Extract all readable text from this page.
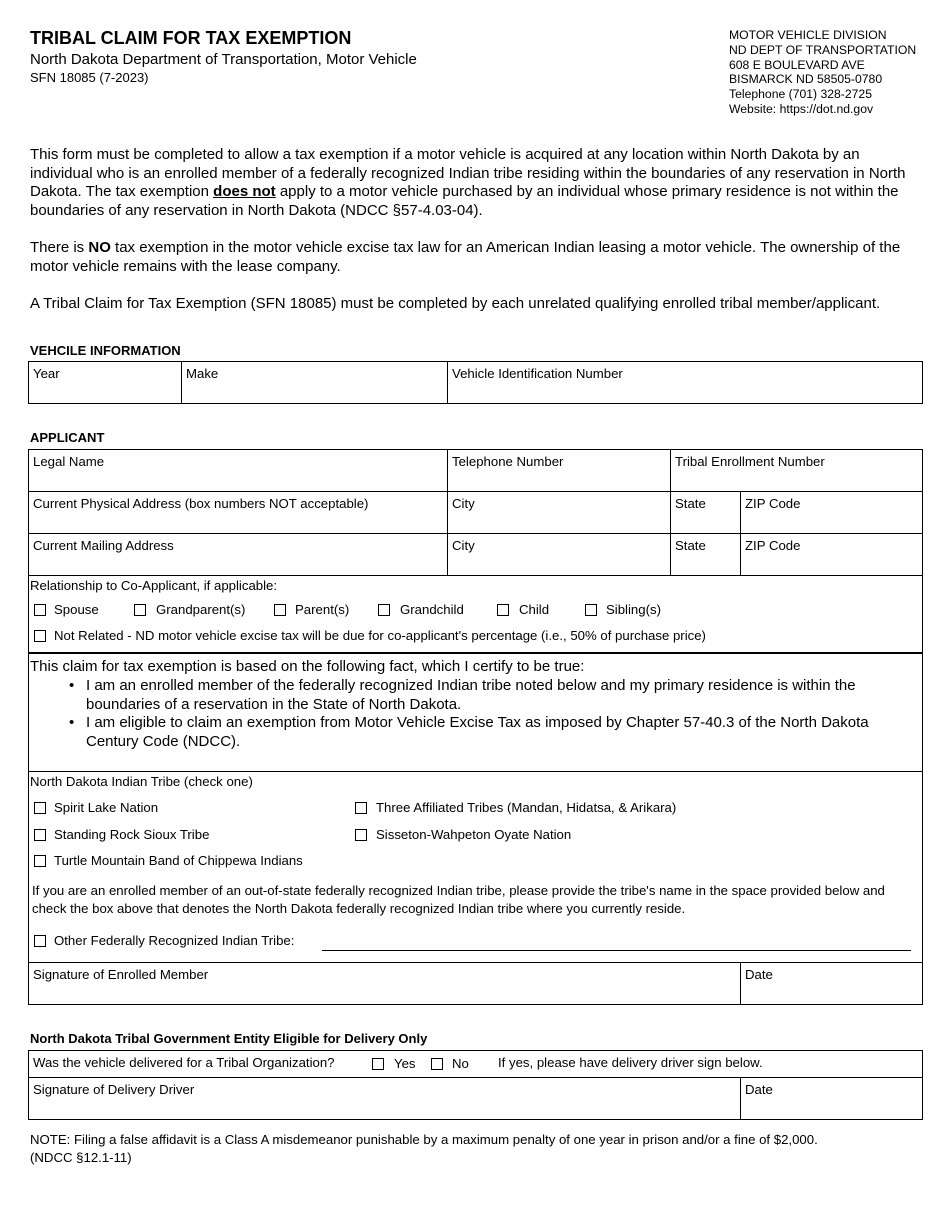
TRIBAL CLAIM FOR TAX EXEMPTION
North Dakota Department of Transportation, Motor Vehicle
SFN 18085 (7-2023)
MOTOR VEHICLE DIVISION
ND DEPT OF TRANSPORTATION
608 E BOULEVARD AVE
BISMARCK ND 58505-0780
Telephone (701) 328-2725
Website: https://dot.nd.gov
This form must be completed to allow a tax exemption if a motor vehicle is acquired at any location within North Dakota by an individual who is an enrolled member of a federally recognized Indian tribe residing within the boundaries of any reservation in North Dakota. The tax exemption does not apply to a motor vehicle purchased by an individual whose primary residence is not within the boundaries of any reservation in North Dakota (NDCC §57-4.03-04).
There is NO tax exemption in the motor vehicle excise tax law for an American Indian leasing a motor vehicle. The ownership of the motor vehicle remains with the lease company.
A Tribal Claim for Tax Exemption (SFN 18085) must be completed by each unrelated qualifying enrolled tribal member/applicant.
VEHCILE INFORMATION
Year	Make	Vehicle Identification Number
APPLICANT
Legal Name	Telephone Number	Tribal Enrollment Number
Current Physical Address (box numbers NOT acceptable)	City	State	ZIP Code
Current Mailing Address	City	State	ZIP Code
Relationship to Co-Applicant, if applicable:
Spouse	Grandparent(s)	Parent(s)	Grandchild	Child	Sibling(s)
Not Related - ND motor vehicle excise tax will be due for co-applicant's percentage (i.e., 50% of purchase price)
This claim for tax exemption is based on the following fact, which I certify to be true:
• I am an enrolled member of the federally recognized Indian tribe noted below and my primary residence is within the boundaries of a reservation in the State of North Dakota.
• I am eligible to claim an exemption from Motor Vehicle Excise Tax as imposed by Chapter 57-40.3 of the North Dakota Century Code (NDCC).
North Dakota Indian Tribe (check one)
Spirit Lake Nation	Three Affiliated Tribes (Mandan, Hidatsa, & Arikara)
Standing Rock Sioux Tribe	Sisseton-Wahpeton Oyate Nation
Turtle Mountain Band of Chippewa Indians
If you are an enrolled member of an out-of-state federally recognized Indian tribe, please provide the tribe's name in the space provided below and check the box above that denotes the North Dakota federally recognized Indian tribe where you currently reside.
Other Federally Recognized Indian Tribe:
Signature of Enrolled Member	Date
North Dakota Tribal Government Entity Eligible for Delivery Only
Was the vehicle delivered for a Tribal Organization?	Yes	No If yes, please have delivery driver sign below.
Signature of Delivery Driver	Date
NOTE: Filing a false affidavit is a Class A misdemeanor punishable by a maximum penalty of one year in prison and/or a fine of $2,000.
(NDCC §12.1-11)
